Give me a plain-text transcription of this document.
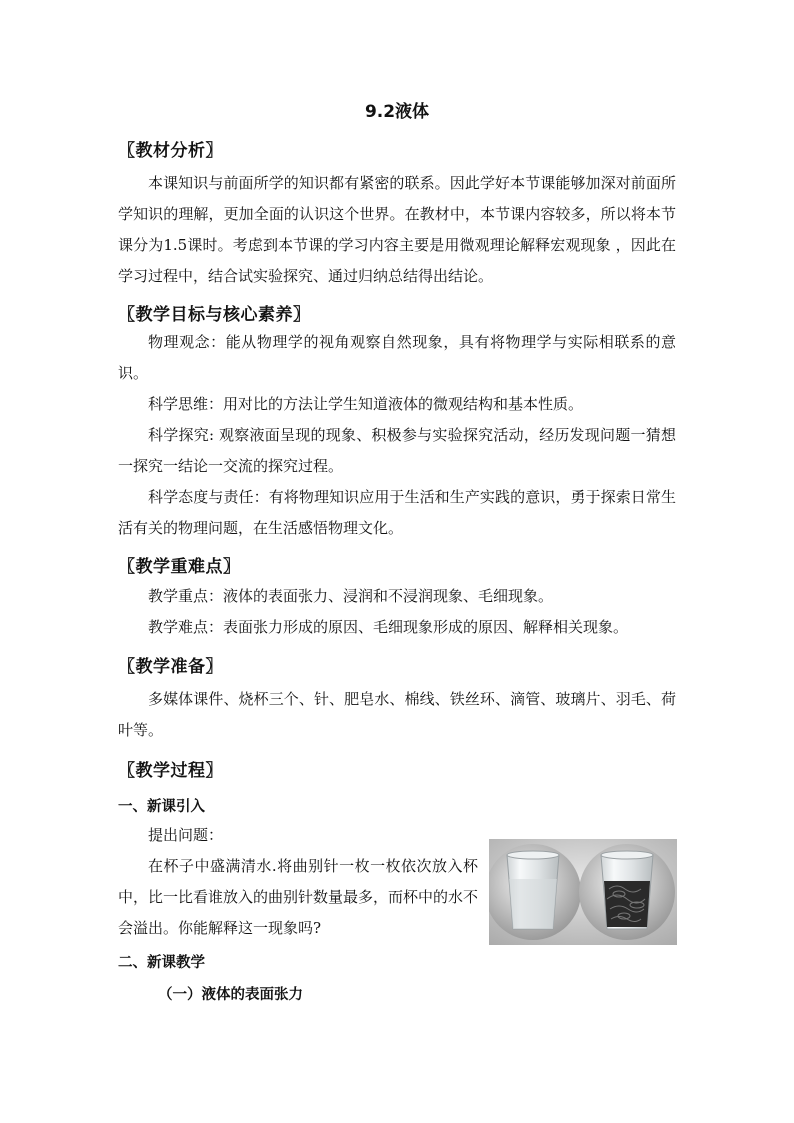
9.2液体
〖教材分析〗

本课知识与前面所学的知识都有紧密的联系。因此学好本节课能够加深对前面所学知识的理解，更加全面的认识这个世界。在教材中，本节课内容较多，所以将本节课分为1.5课时。考虑到本节课的学习内容主要是用微观理论解释宏观现象 ，因此在学习过程中，结合试实验探究、通过归纳总结得出结论。

〖教学目标与核心素养〗

物理观念：能从物理学的视角观察自然现象，具有将物理学与实际相联系的意识。

科学思维：用对比的方法让学生知道液体的微观结构和基本性质。

科学探究: 观察液面呈现的现象、积极参与实验探究活动，经历发现问题一猜想一探究一结论一交流的探究过程。

科学态度与责任：有将物理知识应用于生活和生产实践的意识，勇于探索日常生活有关的物理问题，在生活感悟物理文化。

〖教学重难点〗

教学重点：液体的表面张力、浸润和不浸润现象、毛细现象。

教学难点：表面张力形成的原因、毛细现象形成的原因、解释相关现象。

〖教学准备〗

多媒体课件、烧杯三个、针、肥皂水、棉线、铁丝环、滴管、玻璃片、羽毛、荷叶等。

〖教学过程〗
一、新课引入

提出问题：

在杯子中盛满清水.将曲别针一枚一枚依次放入杯中，比一比看谁放入的曲别针数量最多，而杯中的水不会溢出。你能解释这一现象吗?

二、新课教学
（一）液体的表面张力
